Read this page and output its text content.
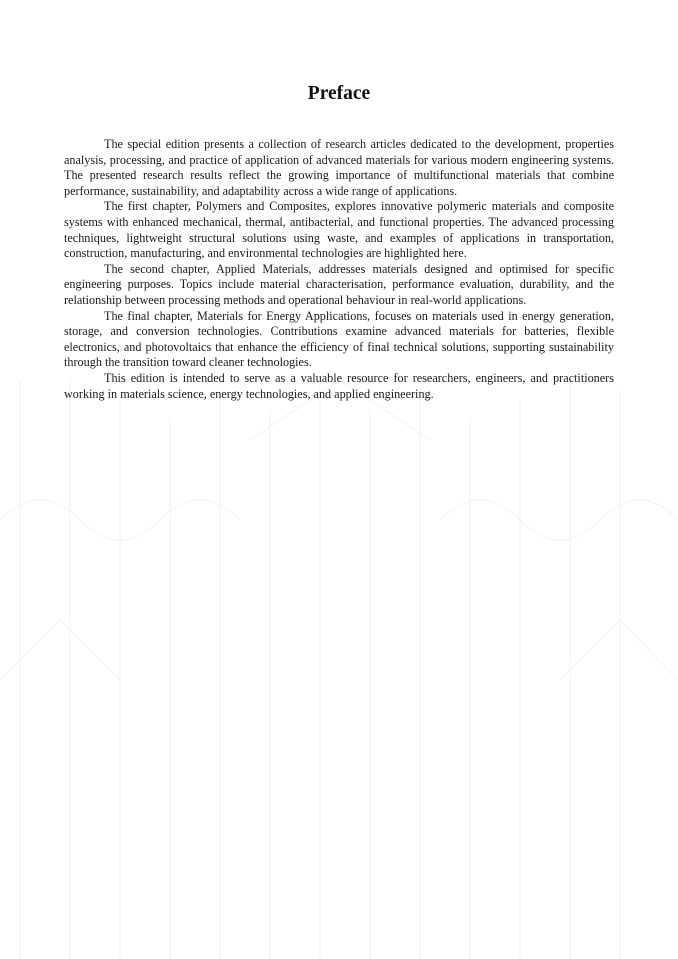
Preface

The special edition presents a collection of research articles dedicated to the development, properties analysis, processing, and practice of application of advanced materials for various modern engineering systems. The presented research results reflect the growing importance of multifunctional materials that combine performance, sustainability, and adaptability across a wide range of applications.

The first chapter, Polymers and Composites, explores innovative polymeric materials and composite systems with enhanced mechanical, thermal, antibacterial, and functional properties. The advanced processing techniques, lightweight structural solutions using waste, and examples of applications in transportation, construction, manufacturing, and environmental technologies are highlighted here.

The second chapter, Applied Materials, addresses materials designed and optimised for specific engineering purposes. Topics include material characterisation, performance evaluation, durability, and the relationship between processing methods and operational behaviour in real-world applications.

The final chapter, Materials for Energy Applications, focuses on materials used in energy generation, storage, and conversion technologies. Contributions examine advanced materials for batteries, flexible electronics, and photovoltaics that enhance the efficiency of final technical solutions, supporting sustainability through the transition toward cleaner technologies.

This edition is intended to serve as a valuable resource for researchers, engineers, and practitioners working in materials science, energy technologies, and applied engineering.
